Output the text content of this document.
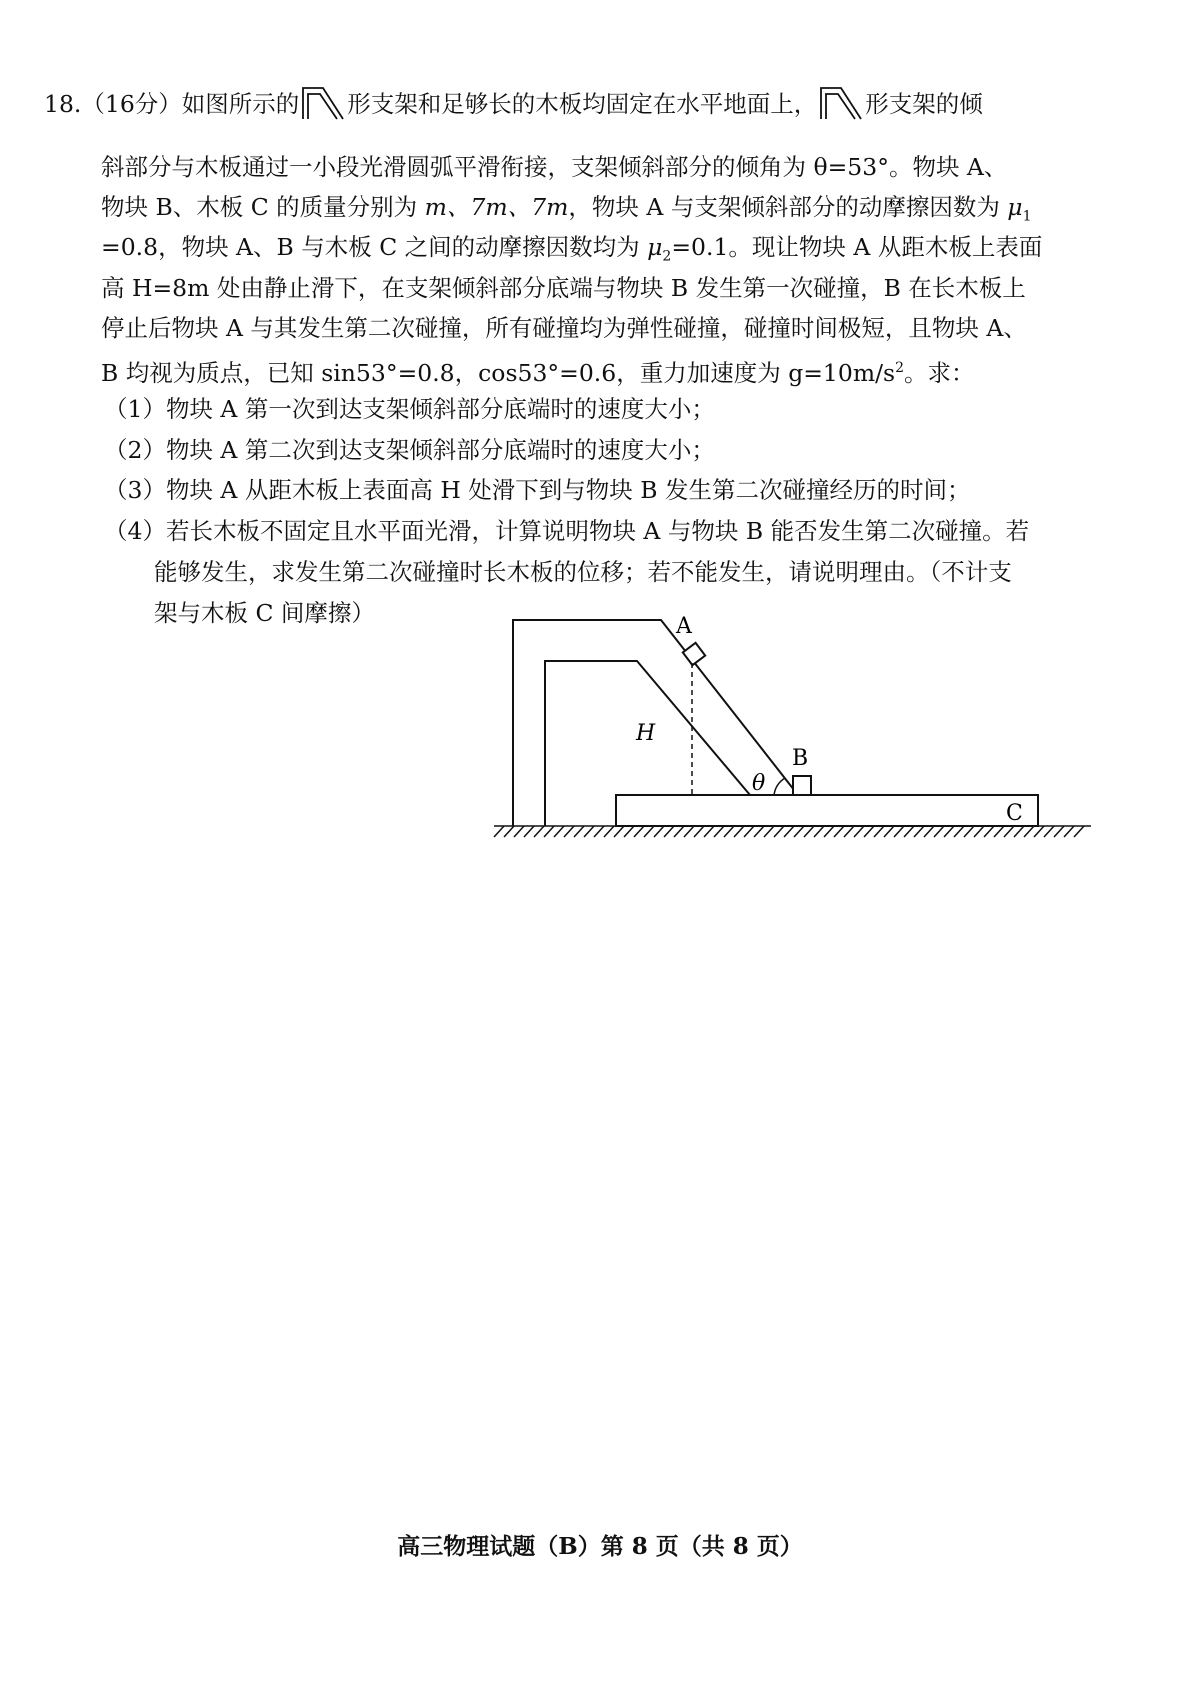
18.（16分）如图所示的 形支架和足够长的木板均固定在水平地面上， 形支架的倾
斜部分与木板通过一小段光滑圆弧平滑衔接，支架倾斜部分的倾角为 θ=53°。物块 A、
物块 B、木板 C 的质量分别为 m、7m、7m，物块 A 与支架倾斜部分的动摩擦因数为 $\mu_1$
=0.8，物块 A、B 与木板 C 之间的动摩擦因数均为 $\mu_2=0.1$。现让物块 A 从距木板上表面
高 H=8m 处由静止滑下，在支架倾斜部分底端与物块 B 发生第一次碰撞，B 在长木板上
停止后物块 A 与其发生第二次碰撞，所有碰撞均为弹性碰撞，碰撞时间极短，且物块 A、
B 均视为质点，已知 sin53°=0.8，cos53°=0.6，重力加速度为 $g=10m/s^2$。求：
（1）物块 A 第一次到达支架倾斜部分底端时的速度大小；
（2）物块 A 第二次到达支架倾斜部分底端时的速度大小；
（3）物块 A 从距木板上表面高 H 处滑下到与物块 B 发生第二次碰撞经历的时间；
（4）若长木板不固定且水平面光滑，计算说明物块 A 与物块 B 能否发生第二次碰撞。若
能够发生，求发生第二次碰撞时长木板的位移；若不能发生，请说明理由。（不计支
架与木板 C 间摩擦）
C
A
H
θ
B
高三物理试题（B）第 8 页（共 8 页）
